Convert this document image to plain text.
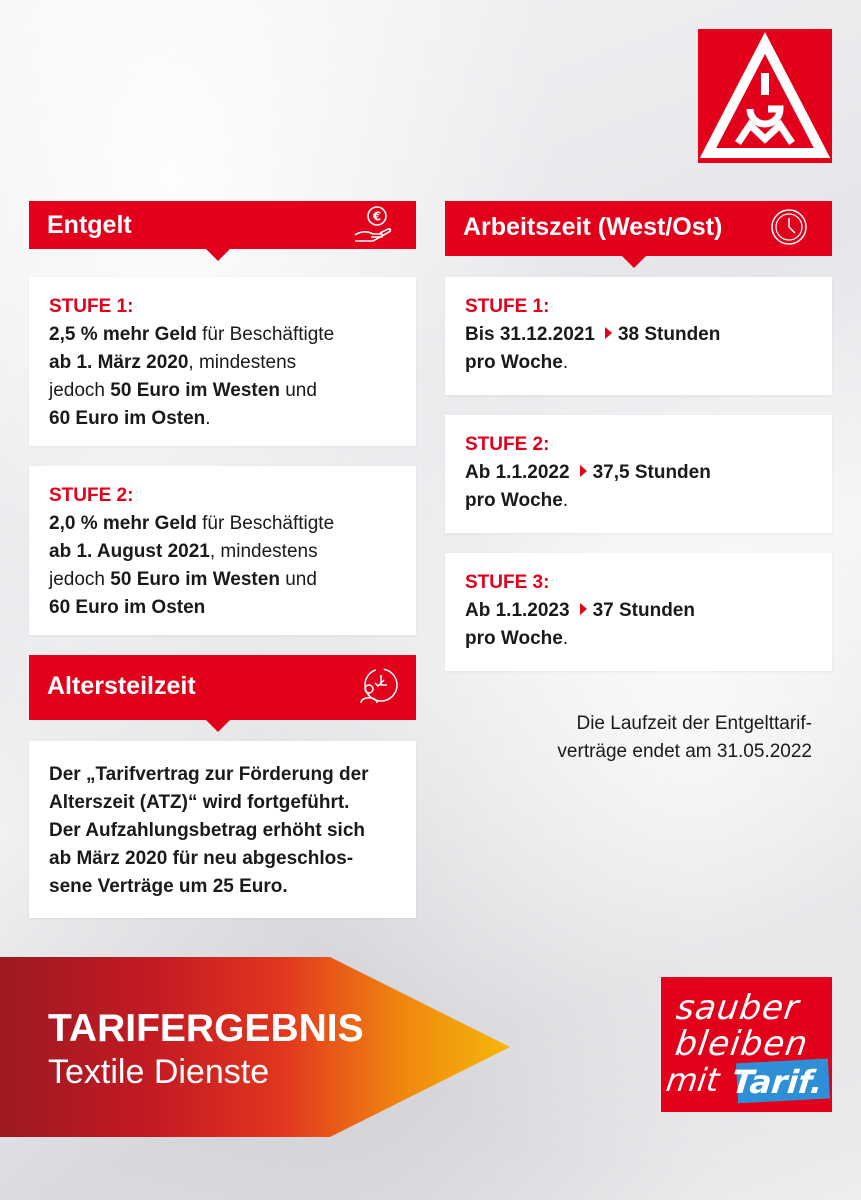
Entgelt	€
STUFE 1:
2,5 % mehr Geld für Beschäftigte
ab 1. März 2020, mindestens
jedoch 50 Euro im Westen und
60 Euro im Osten.
STUFE 2:
2,0 % mehr Geld für Beschäftigte
ab 1. August 2021, mindestens
jedoch 50 Euro im Westen und
60 Euro im Osten
Altersteilzeit
Der „Tarifvertrag zur Förderung der
Alterszeit (ATZ)“ wird fortgeführt.
Der Aufzahlungsbetrag erhöht sich
ab März 2020 für neu abgeschlos-
sene Verträge um 25 Euro.
Arbeitszeit (West/Ost)
STUFE 1:
Bis 31.12.2021 38 Stunden
pro Woche.
STUFE 2:
Ab 1.1.2022 37,5 Stunden
pro Woche.
STUFE 3:
Ab 1.1.2023 37 Stunden
pro Woche.
Die Laufzeit der Entgelttarif-
verträge endet am 31.05.2022
TARIFERGEBNIS
Textile Dienste
sauber
bleiben
mit Tarif.
